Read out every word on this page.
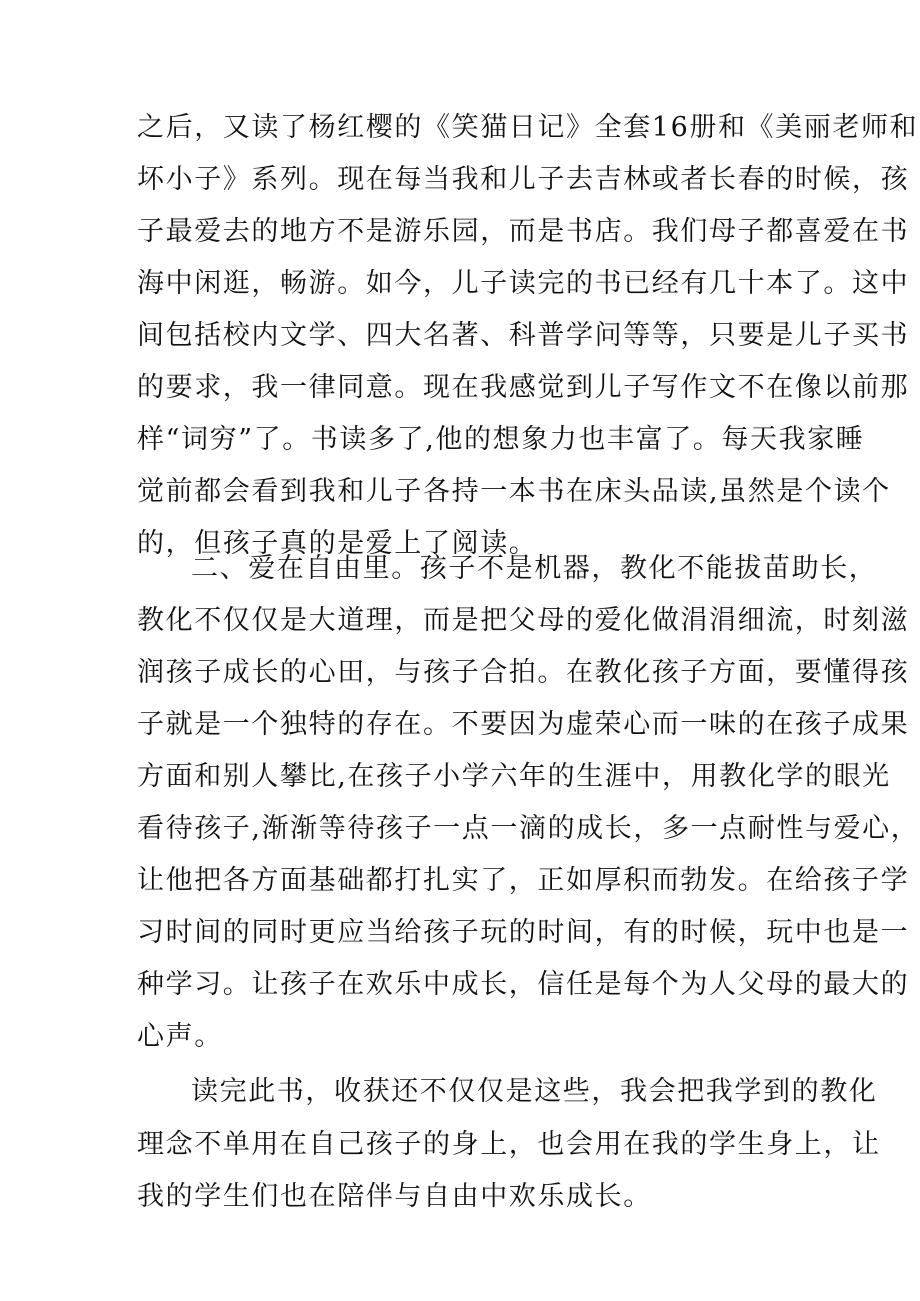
之后，又读了杨红樱的《笑猫日记》全套16册和《美丽老师和
坏小子》系列。现在每当我和儿子去吉林或者长春的时候，孩
子最爱去的地方不是游乐园，而是书店。我们母子都喜爱在书
海中闲逛，畅游。如今，儿子读完的书已经有几十本了。这中
间包括校内文学、四大名著、科普学问等等，只要是儿子买书
的要求，我一律同意。现在我感觉到儿子写作文不在像以前那
样“词穷”了。书读多了,他的想象力也丰富了。每天我家睡
觉前都会看到我和儿子各持一本书在床头品读,虽然是个读个
的，但孩子真的是爱上了阅读。
二、爱在自由里。孩子不是机器，教化不能拔苗助长，
教化不仅仅是大道理，而是把父母的爱化做涓涓细流，时刻滋
润孩子成长的心田，与孩子合拍。在教化孩子方面，要懂得孩
子就是一个独特的存在。不要因为虚荣心而一味的在孩子成果
方面和别人攀比,在孩子小学六年的生涯中，用教化学的眼光
看待孩子,渐渐等待孩子一点一滴的成长，多一点耐性与爱心，
让他把各方面基础都打扎实了，正如厚积而勃发。在给孩子学
习时间的同时更应当给孩子玩的时间，有的时候，玩中也是一
种学习。让孩子在欢乐中成长，信任是每个为人父母的最大的
心声。
读完此书，收获还不仅仅是这些，我会把我学到的教化
理念不单用在自己孩子的身上，也会用在我的学生身上，让
我的学生们也在陪伴与自由中欢乐成长。
